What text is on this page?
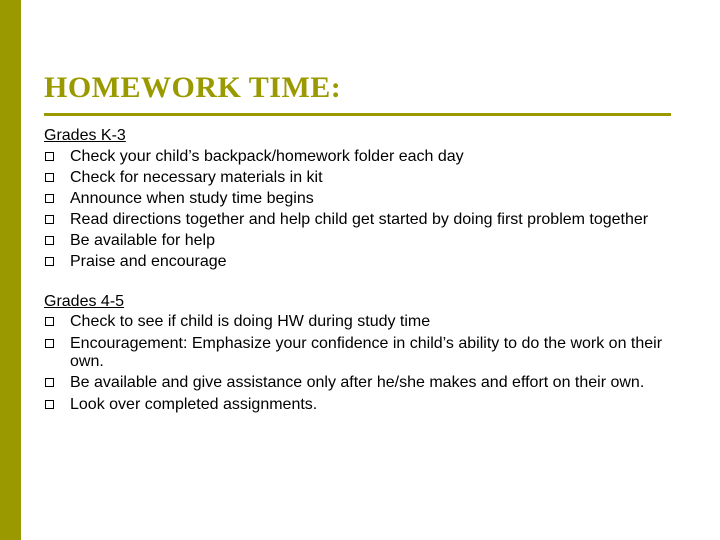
HOMEWORK TIME:
Grades K-3
Check your child’s backpack/homework folder each day
Check for necessary materials in kit
Announce when study time begins
Read directions together and help child get started by doing first problem together
Be available for help
Praise and encourage
Grades 4-5
Check to see if child is doing HW during study time
Encouragement: Emphasize your confidence in child’s ability to do the work on their own.
Be available and give assistance only after he/she makes and effort on their own.
Look over completed assignments.
